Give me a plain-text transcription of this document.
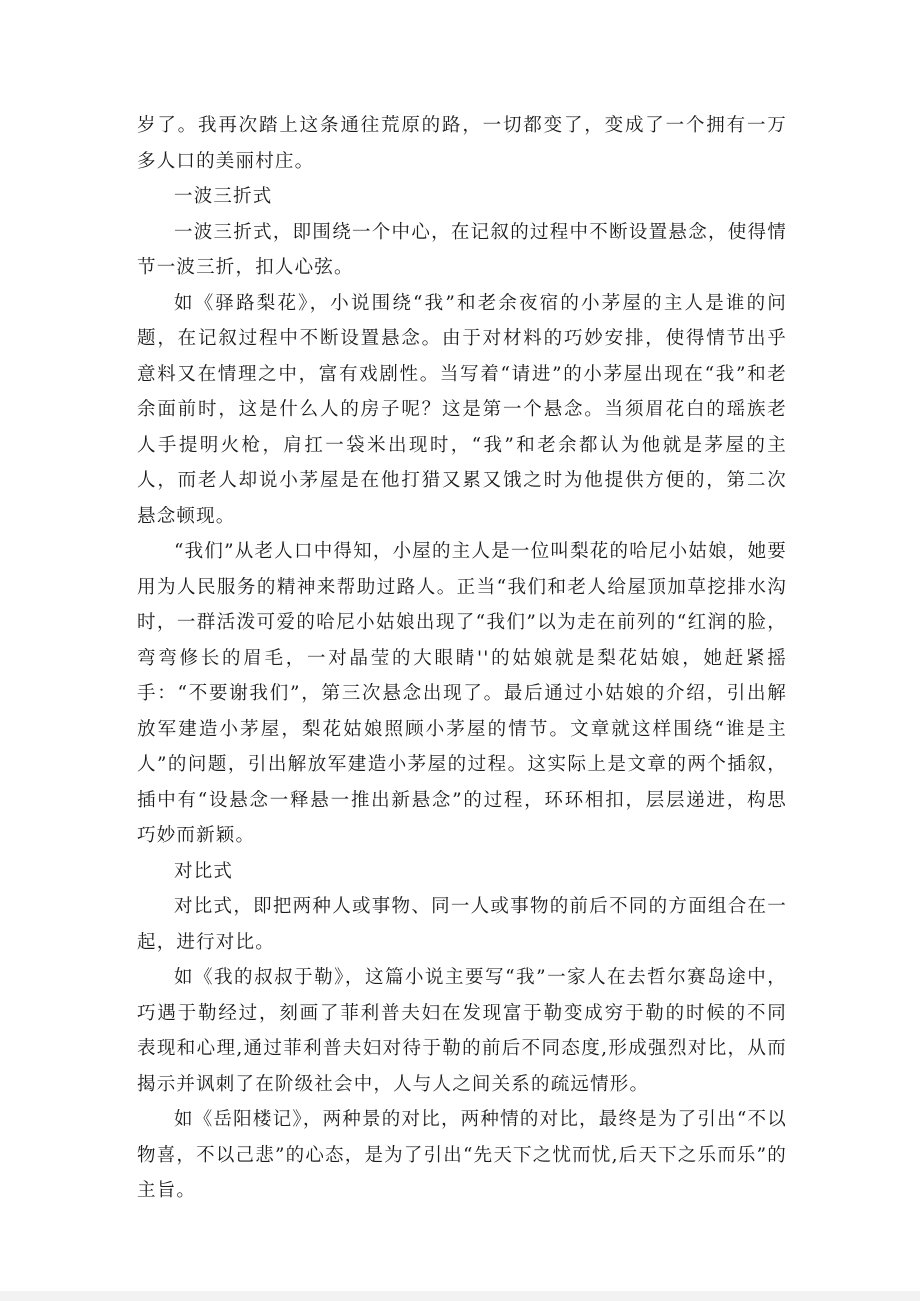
岁了。我再次踏上这条通往荒原的路，一切都变了，变成了一个拥有一万多人口的美丽村庄。

一波三折式

一波三折式，即围绕一个中心，在记叙的过程中不断设置悬念，使得情节一波三折，扣人心弦。

如《驿路梨花》，小说围绕“我”和老余夜宿的小茅屋的主人是谁的问题，在记叙过程中不断设置悬念。由于对材料的巧妙安排，使得情节出乎意料又在情理之中，富有戏剧性。当写着“请进”的小茅屋出现在“我”和老余面前时，这是什么人的房子呢？这是第一个悬念。当须眉花白的瑶族老人手提明火枪，肩扛一袋米出现时，“我”和老余都认为他就是茅屋的主人，而老人却说小茅屋是在他打猎又累又饿之时为他提供方便的，第二次悬念顿现。

“我们”从老人口中得知，小屋的主人是一位叫梨花的哈尼小姑娘，她要用为人民服务的精神来帮助过路人。正当“我们和老人给屋顶加草挖排水沟时，一群活泼可爱的哈尼小姑娘出现了“我们”以为走在前列的“红润的脸，弯弯修长的眉毛，一对晶莹的大眼睛''的姑娘就是梨花姑娘，她赶紧摇手：“不要谢我们”，第三次悬念出现了。最后通过小姑娘的介绍，引出解放军建造小茅屋，梨花姑娘照顾小茅屋的情节。文章就这样围绕“谁是主人”的问题，引出解放军建造小茅屋的过程。这实际上是文章的两个插叙，插中有“设悬念一释悬一推出新悬念”的过程，环环相扣，层层递进，构思巧妙而新颖。

对比式

对比式，即把两种人或事物、同一人或事物的前后不同的方面组合在一起，进行对比。

如《我的叔叔于勒》，这篇小说主要写“我”一家人在去哲尔赛岛途中，巧遇于勒经过，刻画了菲利普夫妇在发现富于勒变成穷于勒的时候的不同表现和心理,通过菲利普夫妇对待于勒的前后不同态度,形成强烈对比，从而揭示并讽刺了在阶级社会中，人与人之间关系的疏远情形。

如《岳阳楼记》，两种景的对比，两种情的对比，最终是为了引出“不以物喜，不以己悲”的心态，是为了引出“先天下之忧而忧,后天下之乐而乐”的主旨。
